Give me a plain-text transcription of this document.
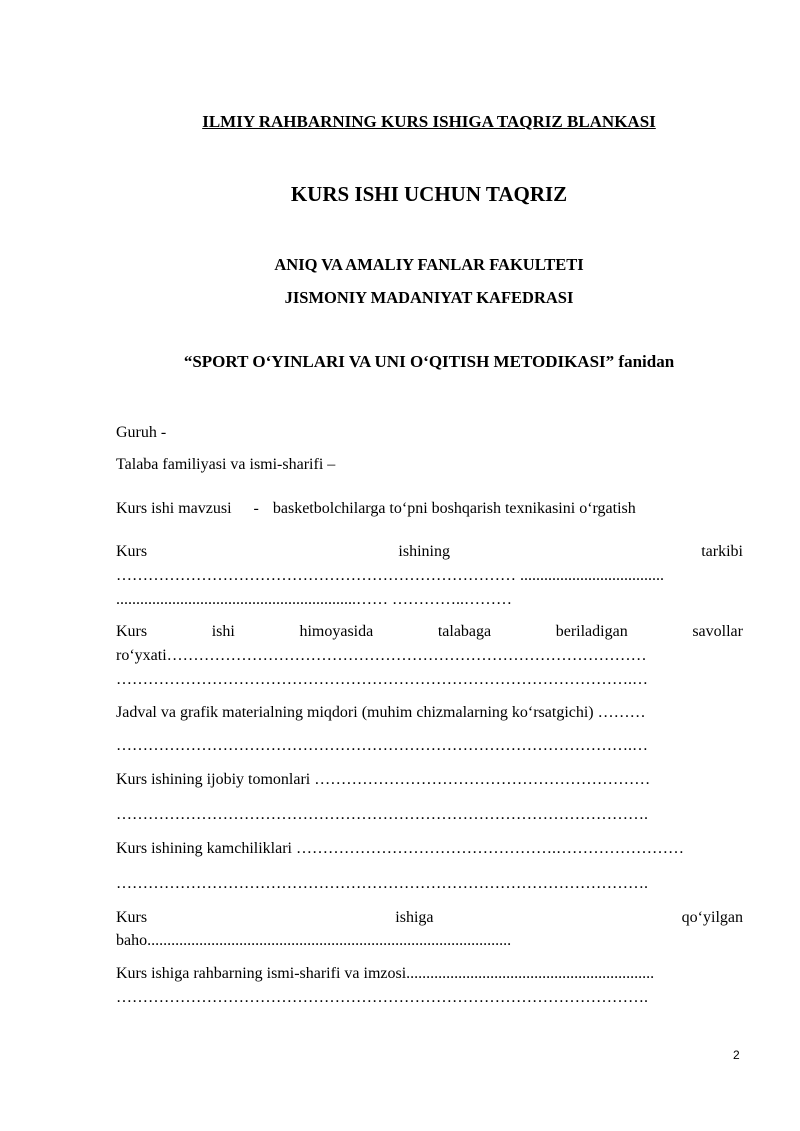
ILMIY RAHBARNING KURS ISHIGA TAQRIZ BLANKASI
KURS ISHI UCHUN TAQRIZ
ANIQ VA AMALIY FANLAR FAKULTETI
JISMONIY MADANIYAT KAFEDRASI
“SPORT O‘YINLARI VA UNI O‘QITISH METODIKASI” fanidan
Guruh -
Talaba familiyasi va ismi-sharifi –
Kurs ishi mavzusi - basketbolchilarga to‘pni boshqarish texnikasini o‘rgatish
Kurs	ishining	tarkibi
………………………………………………………………… ....................................
............................................................…… …………..………
Kurs	ishi	himoyasida	talabaga	beriladigan	savollar
ro‘yxati………………………………………………………………………………
…………………………………………………………………………………….…
Jadval va grafik materialning miqdori (muhim chizmalarning ko‘rsatgichi) ………
…………………………………………………………………………………….…
Kurs ishining ijobiy tomonlari ………………………………………………………
……………………………………………………………………………………….
Kurs ishining kamchiliklari ………………………………………….……………………
……………………………………………………………………………………….
Kurs	ishiga	qo‘yilgan
baho...........................................................................................
Kurs ishiga rahbarning ismi-sharifi va imzosi..............................................................
……………………………………………………………………………………….
2
